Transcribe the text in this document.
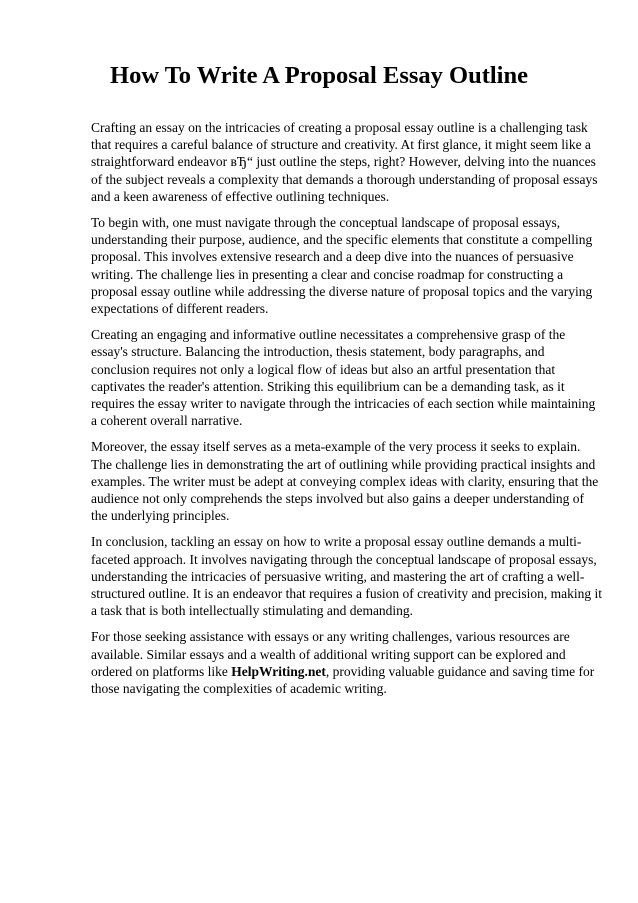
How To Write A Proposal Essay Outline

Crafting an essay on the intricacies of creating a proposal essay outline is a challenging task that requires a careful balance of structure and creativity. At first glance, it might seem like a straightforward endeavor вЂ“ just outline the steps, right? However, delving into the nuances of the subject reveals a complexity that demands a thorough understanding of proposal essays and a keen awareness of effective outlining techniques.

To begin with, one must navigate through the conceptual landscape of proposal essays, understanding their purpose, audience, and the specific elements that constitute a compelling proposal. This involves extensive research and a deep dive into the nuances of persuasive writing. The challenge lies in presenting a clear and concise roadmap for constructing a proposal essay outline while addressing the diverse nature of proposal topics and the varying expectations of different readers.

Creating an engaging and informative outline necessitates a comprehensive grasp of the essay's structure. Balancing the introduction, thesis statement, body paragraphs, and conclusion requires not only a logical flow of ideas but also an artful presentation that captivates the reader's attention. Striking this equilibrium can be a demanding task, as it requires the essay writer to navigate through the intricacies of each section while maintaining a coherent overall narrative.

Moreover, the essay itself serves as a meta-example of the very process it seeks to explain. The challenge lies in demonstrating the art of outlining while providing practical insights and examples. The writer must be adept at conveying complex ideas with clarity, ensuring that the audience not only comprehends the steps involved but also gains a deeper understanding of the underlying principles.

In conclusion, tackling an essay on how to write a proposal essay outline demands a multi-faceted approach. It involves navigating through the conceptual landscape of proposal essays, understanding the intricacies of persuasive writing, and mastering the art of crafting a well-structured outline. It is an endeavor that requires a fusion of creativity and precision, making it a task that is both intellectually stimulating and demanding.

For those seeking assistance with essays or any writing challenges, various resources are available. Similar essays and a wealth of additional writing support can be explored and ordered on platforms like HelpWriting.net, providing valuable guidance and saving time for those navigating the complexities of academic writing.
